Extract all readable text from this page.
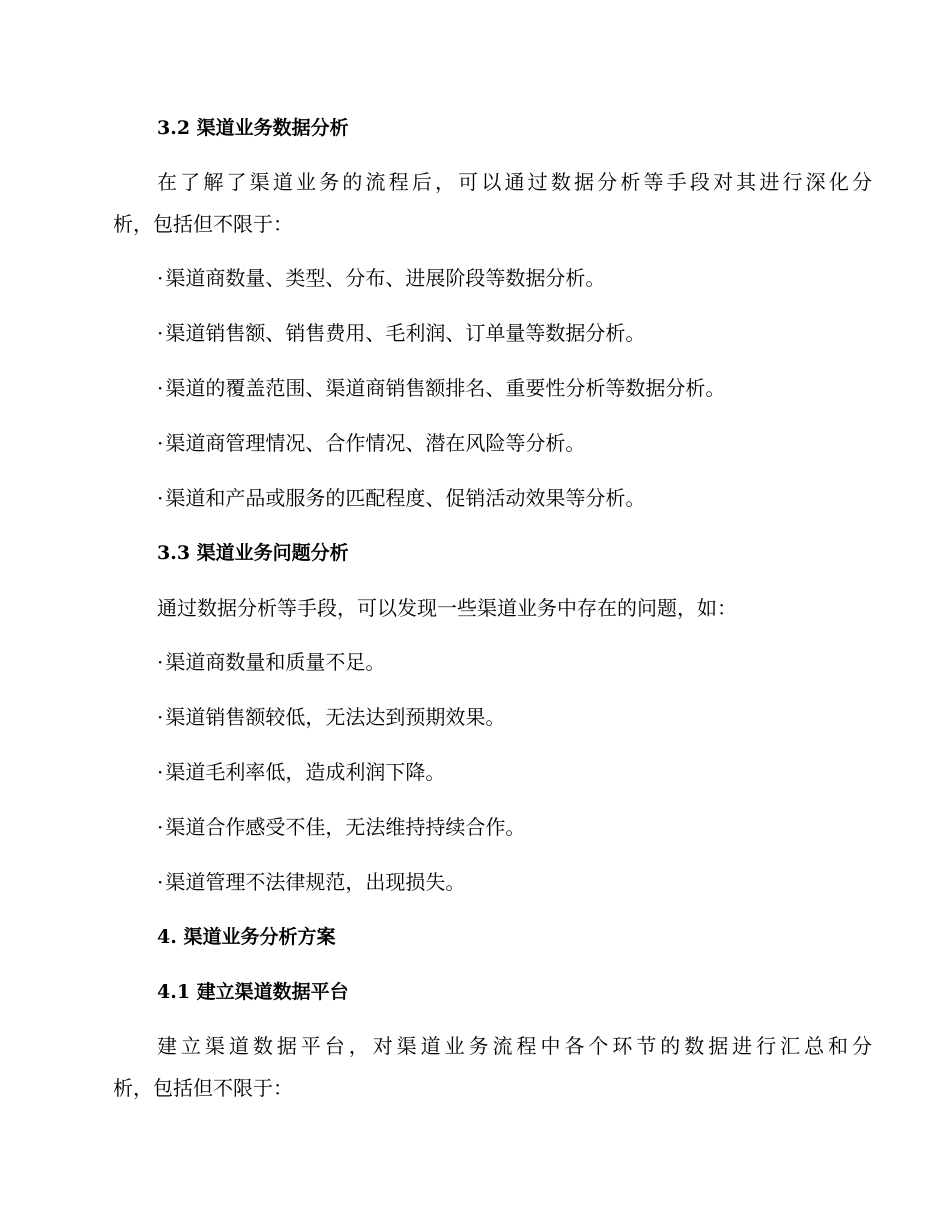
3.2 渠道业务数据分析
在了解了渠道业务的流程后，可以通过数据分析等手段对其进行深化分
析，包括但不限于：
· 渠道商数量、类型、分布、进展阶段等数据分析。
· 渠道销售额、销售费用、毛利润、订单量等数据分析。
· 渠道的覆盖范围、渠道商销售额排名、重要性分析等数据分析。
· 渠道商管理情况、合作情况、潜在风险等分析。
· 渠道和产品或服务的匹配程度、促销活动效果等分析。
3.3 渠道业务问题分析
通过数据分析等手段，可以发现一些渠道业务中存在的问题，如：
· 渠道商数量和质量不足。
· 渠道销售额较低，无法达到预期效果。
· 渠道毛利率低，造成利润下降。
· 渠道合作感受不佳，无法维持持续合作。
· 渠道管理不法律规范，出现损失。
4. 渠道业务分析方案
4.1 建立渠道数据平台
建立渠道数据平台，对渠道业务流程中各个环节的数据进行汇总和分
析，包括但不限于：
